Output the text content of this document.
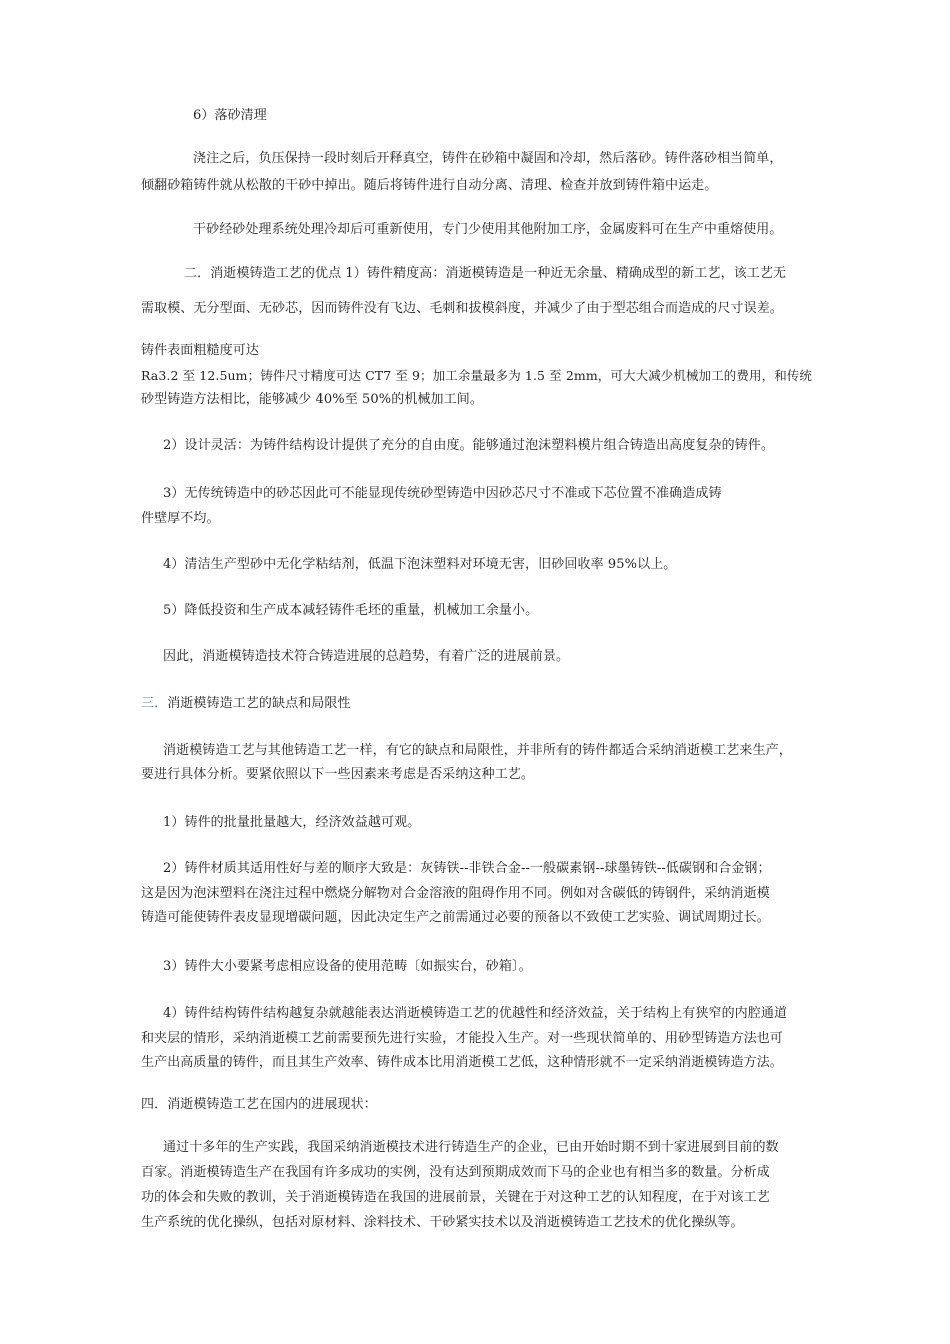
6）落砂清理

浇注之后，负压保持一段时刻后开释真空，铸件在砂箱中凝固和冷却，然后落砂。铸件落砂相当简单，

倾翻砂箱铸件就从松散的干砂中掉出。随后将铸件进行自动分离、清理、检查并放到铸件箱中运走。

干砂经砂处理系统处理冷却后可重新使用，专门少使用其他附加工序，金属废料可在生产中重熔使用。

二．消逝模铸造工艺的优点 1）铸件精度高：消逝模铸造是一种近无余量、精确成型的新工艺，该工艺无

需取模、无分型面、无砂芯，因而铸件没有飞边、毛刺和拔模斜度，并减少了由于型芯组合而造成的尺寸误差。

铸件表面粗糙度可达

Ra3.2 至 12.5um；铸件尺寸精度可达 CT7 至 9；加工余量最多为 1.5 至 2mm，可大大减少机械加工的费用，和传统

砂型铸造方法相比，能够减少 40%至 50%的机械加工间。

2）设计灵活：为铸件结构设计提供了充分的自由度。能够通过泡沫塑料模片组合铸造出高度复杂的铸件。

3）无传统铸造中的砂芯因此可不能显现传统砂型铸造中因砂芯尺寸不准或下芯位置不准确造成铸

件壁厚不均。

4）清洁生产型砂中无化学粘结剂，低温下泡沫塑料对环境无害，旧砂回收率 95%以上。

5）降低投资和生产成本减轻铸件毛坯的重量，机械加工余量小。

因此，消逝模铸造技术符合铸造进展的总趋势，有着广泛的进展前景。

三．消逝模铸造工艺的缺点和局限性

消逝模铸造工艺与其他铸造工艺一样，有它的缺点和局限性，并非所有的铸件都适合采纳消逝模工艺来生产，

要进行具体分析。要紧依照以下一些因素来考虑是否采纳这种工艺。

1）铸件的批量批量越大，经济效益越可观。

2）铸件材质其适用性好与差的顺序大致是：灰铸铁--非铁合金--一般碳素钢--球墨铸铁--低碳钢和合金钢；

这是因为泡沫塑料在浇注过程中燃烧分解物对合金溶液的阻碍作用不同。例如对含碳低的铸钢件，采纳消逝模

铸造可能使铸件表皮显现增碳问题，因此决定生产之前需通过必要的预备以不致使工艺实验、调试周期过长。

3）铸件大小要紧考虑相应设备的使用范畴〔如振实台，砂箱〕。

4）铸件结构铸件结构越复杂就越能表达消逝模铸造工艺的优越性和经济效益，关于结构上有狭窄的内腔通道

和夹层的情形，采纳消逝模工艺前需要预先进行实验，才能投入生产。对一些现状简单的、用砂型铸造方法也可

生产出高质量的铸件，而且其生产效率、铸件成本比用消逝模工艺低，这种情形就不一定采纳消逝模铸造方法。

四．消逝模铸造工艺在国内的进展现状：

通过十多年的生产实践，我国采纳消逝模技术进行铸造生产的企业，已由开始时期不到十家进展到目前的数

百家。消逝模铸造生产在我国有许多成功的实例，没有达到预期成效而下马的企业也有相当多的数量。分析成

功的体会和失败的教训，关于消逝模铸造在我国的进展前景，关键在于对这种工艺的认知程度，在于对该工艺

生产系统的优化操纵，包括对原材料、涂料技术、干砂紧实技术以及消逝模铸造工艺技术的优化操纵等。
